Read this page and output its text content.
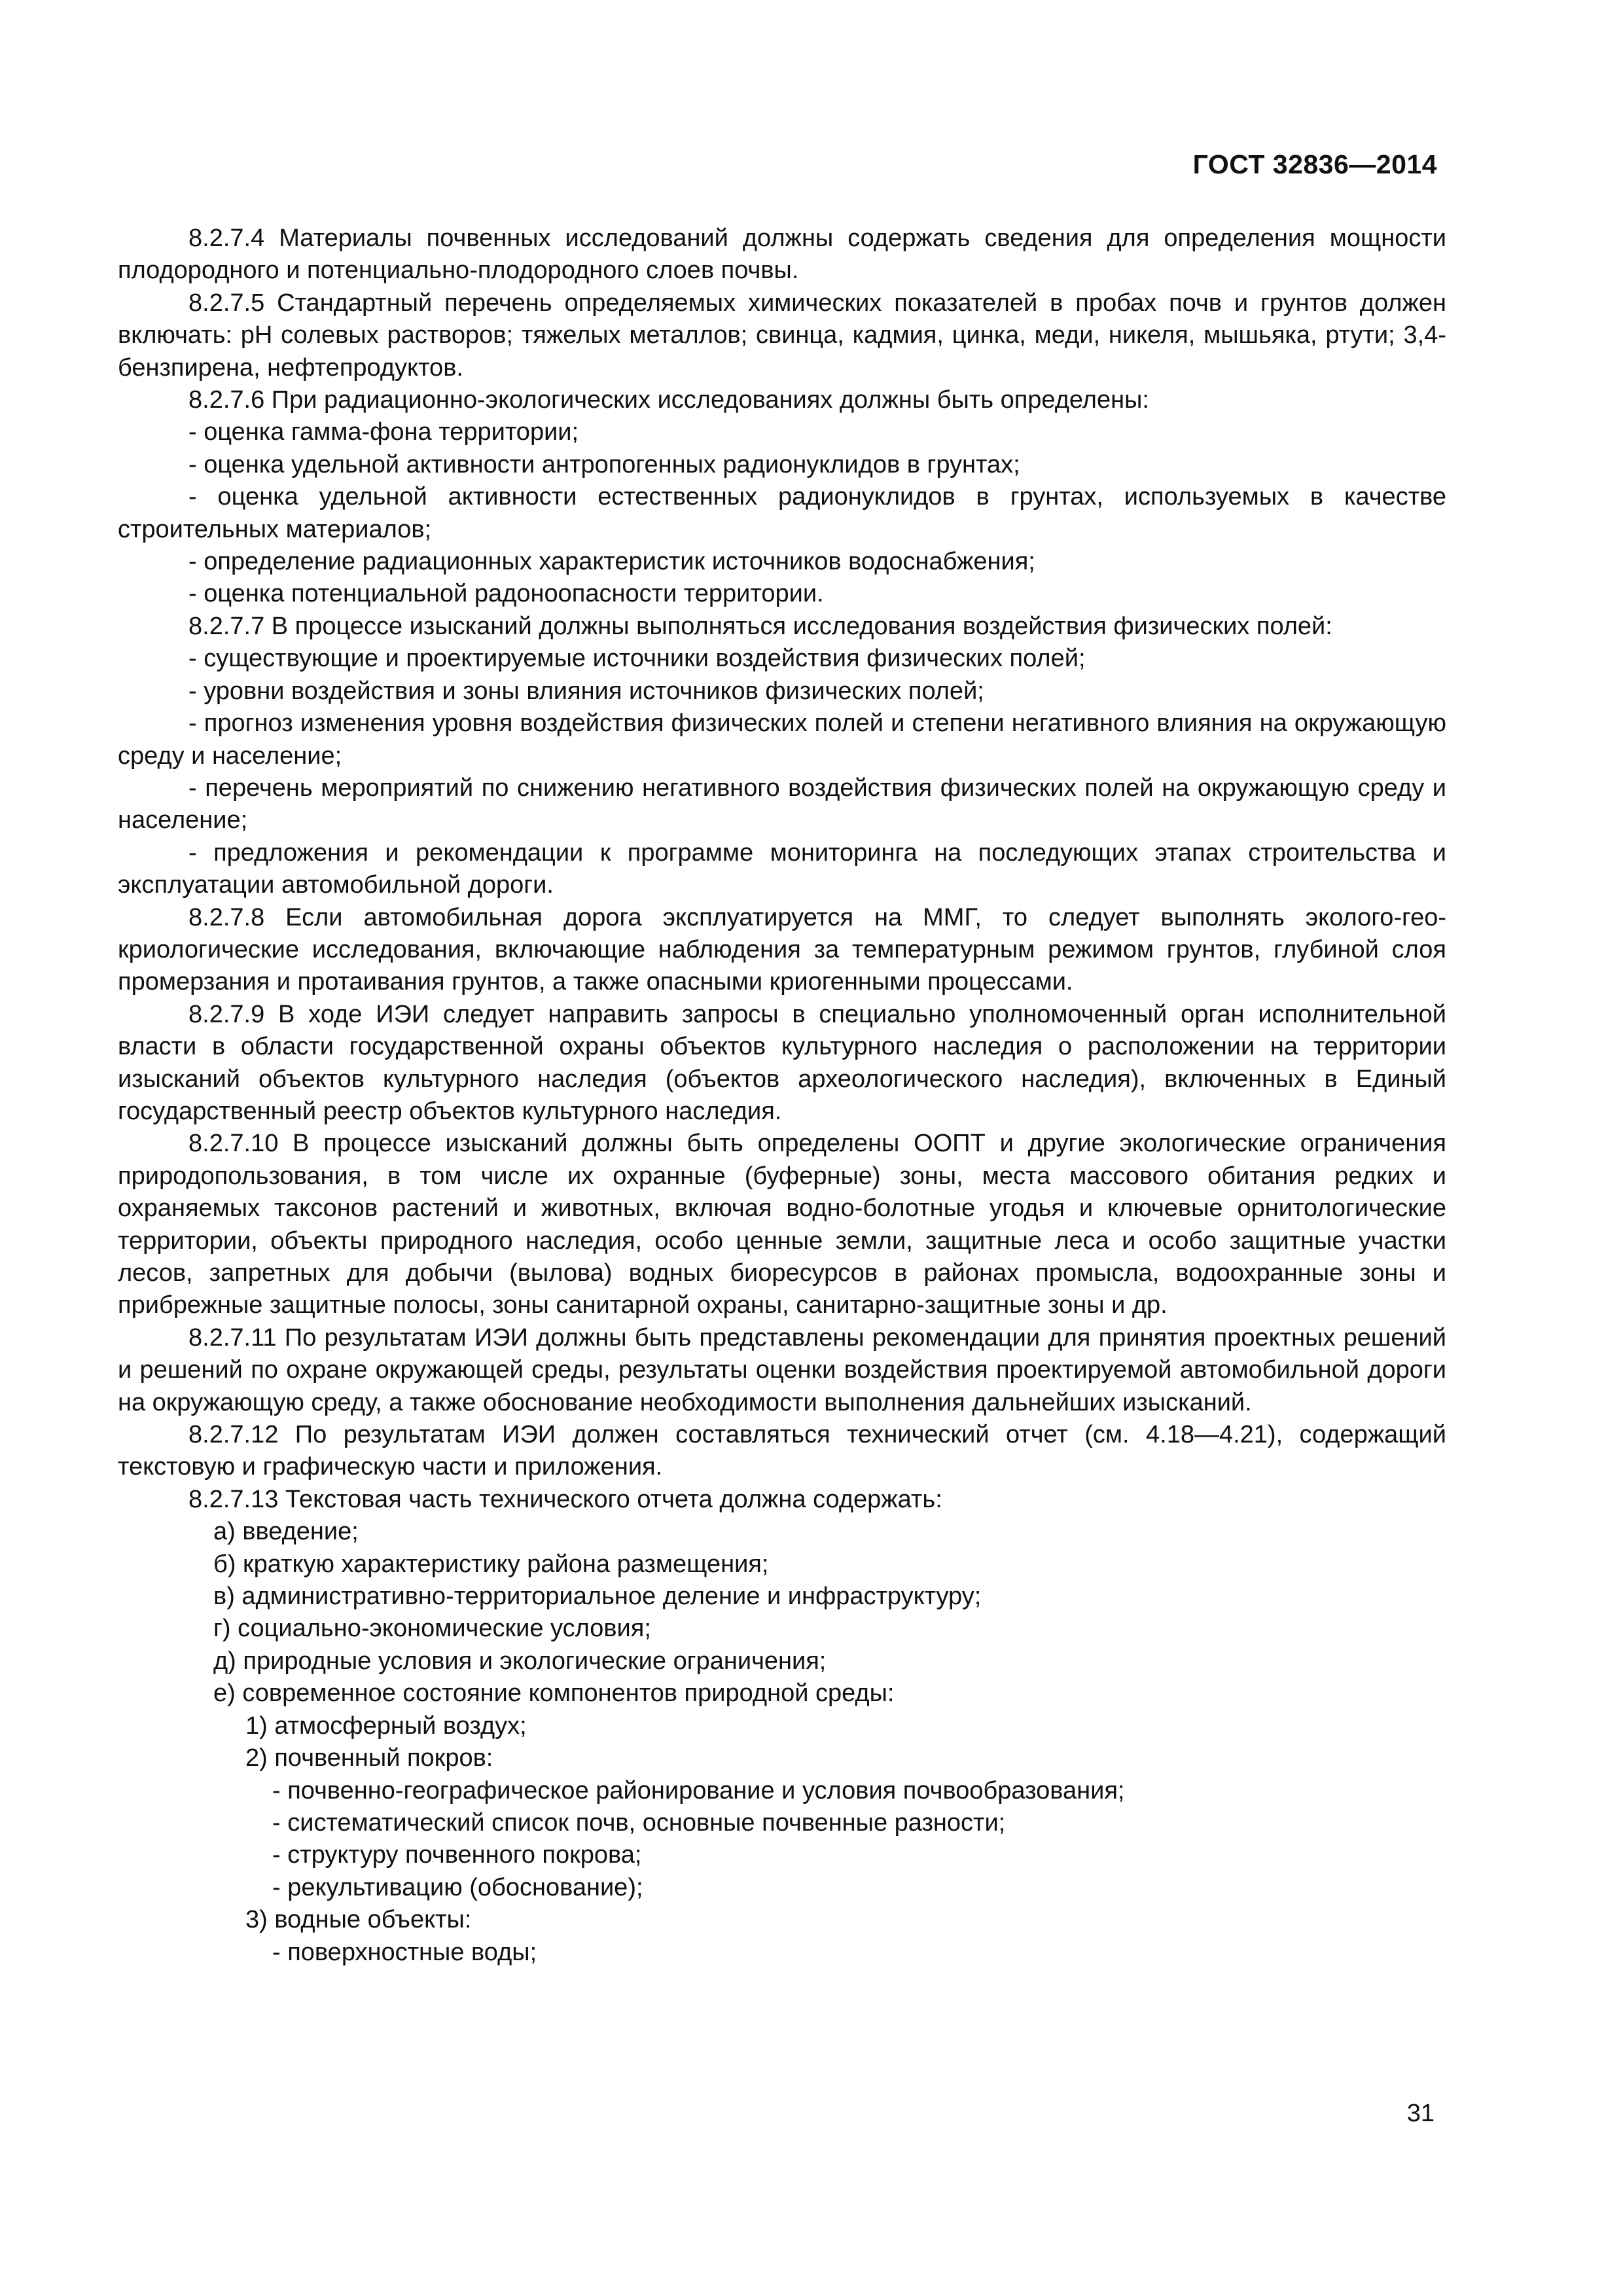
ГОСТ 32836—2014

8.2.7.4 Материалы почвенных исследований должны содержать сведения для определения мощности плодородного и потенциально-плодородного слоев почвы.

8.2.7.5 Стандартный перечень определяемых химических показателей в пробах почв и грунтов должен включать: pH солевых растворов; тяжелых металлов; свинца, кадмия, цинка, меди, никеля, мышьяка, ртути; 3,4-бензпирена, нефтепродуктов.

8.2.7.6 При радиационно-экологических исследованиях должны быть определены:

- оценка гамма-фона территории;

- оценка удельной активности антропогенных радионуклидов в грунтах;

- оценка удельной активности естественных радионуклидов в грунтах, используемых в качестве строительных материалов;

- определение радиационных характеристик источников водоснабжения;

- оценка потенциальной радоноопасности территории.

8.2.7.7 В процессе изысканий должны выполняться исследования воздействия физических полей:

- существующие и проектируемые источники воздействия физических полей;

- уровни воздействия и зоны влияния источников физических полей;

- прогноз изменения уровня воздействия физических полей и степени негативного влияния на окружающую среду и население;

- перечень мероприятий по снижению негативного воздействия физических полей на окружающую среду и население;

- предложения и рекомендации к программе мониторинга на последующих этапах строительства и эксплуатации автомобильной дороги.

8.2.7.8 Если автомобильная дорога эксплуатируется на ММГ, то следует выполнять эколого-геокриологические исследования, включающие наблюдения за температурным режимом грунтов, глубиной слоя промерзания и протаивания грунтов, а также опасными криогенными процессами.

8.2.7.9 В ходе ИЭИ следует направить запросы в специально уполномоченный орган исполнительной власти в области государственной охраны объектов культурного наследия о расположении на территории изысканий объектов культурного наследия (объектов археологического наследия), включенных в Единый государственный реестр объектов культурного наследия.

8.2.7.10 В процессе изысканий должны быть определены ООПТ и другие экологические ограничения природопользования, в том числе их охранные (буферные) зоны, места массового обитания редких и охраняемых таксонов растений и животных, включая водно-болотные угодья и ключевые орнитологические территории, объекты природного наследия, особо ценные земли, защитные леса и особо защитные участки лесов, запретных для добычи (вылова) водных биоресурсов в районах промысла, водоохранные зоны и прибрежные защитные полосы, зоны санитарной охраны, санитарно-защитные зоны и др.

8.2.7.11 По результатам ИЭИ должны быть представлены рекомендации для принятия проектных решений и решений по охране окружающей среды, результаты оценки воздействия проектируемой автомобильной дороги на окружающую среду, а также обоснование необходимости выполнения дальнейших изысканий.

8.2.7.12 По результатам ИЭИ должен составляться технический отчет (см. 4.18—4.21), содержащий текстовую и графическую части и приложения.

8.2.7.13 Текстовая часть технического отчета должна содержать:

а) введение;

б) краткую характеристику района размещения;

в) административно-территориальное деление и инфраструктуру;

г) социально-экономические условия;

д) природные условия и экологические ограничения;

е) современное состояние компонентов природной среды:

1) атмосферный воздух;

2) почвенный покров:

- почвенно-географическое районирование и условия почвообразования;

- систематический список почв, основные почвенные разности;

- структуру почвенного покрова;

- рекультивацию (обоснование);

3) водные объекты:

- поверхностные воды;

31
